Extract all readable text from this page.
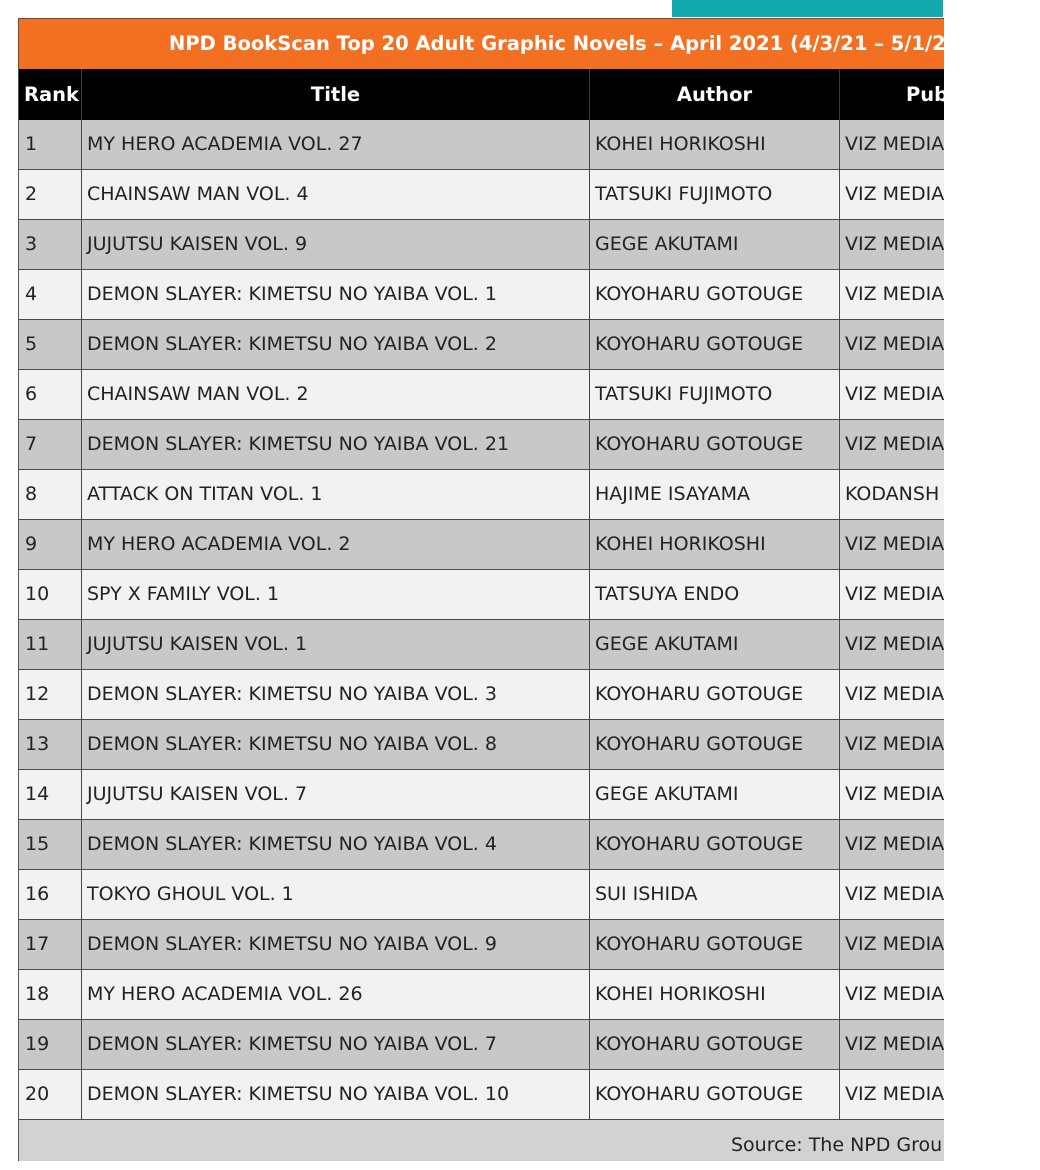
NPD BookScan Top 20 Adult Graphic Novels – April 2021 (4/3/21 – 5/1/21)
Rank	Title	Author	Pub
1	MY HERO ACADEMIA VOL. 27	KOHEI HORIKOSHI	VIZ MEDIA
2	CHAINSAW MAN VOL. 4	TATSUKI FUJIMOTO	VIZ MEDIA
3	JUJUTSU KAISEN VOL. 9	GEGE AKUTAMI	VIZ MEDIA
4	DEMON SLAYER: KIMETSU NO YAIBA VOL. 1	KOYOHARU GOTOUGE	VIZ MEDIA
5	DEMON SLAYER: KIMETSU NO YAIBA VOL. 2	KOYOHARU GOTOUGE	VIZ MEDIA
6	CHAINSAW MAN VOL. 2	TATSUKI FUJIMOTO	VIZ MEDIA
7	DEMON SLAYER: KIMETSU NO YAIBA VOL. 21	KOYOHARU GOTOUGE	VIZ MEDIA
8	ATTACK ON TITAN VOL. 1	HAJIME ISAYAMA	KODANSH
9	MY HERO ACADEMIA VOL. 2	KOHEI HORIKOSHI	VIZ MEDIA
10	SPY X FAMILY VOL. 1	TATSUYA ENDO	VIZ MEDIA
11	JUJUTSU KAISEN VOL. 1	GEGE AKUTAMI	VIZ MEDIA
12	DEMON SLAYER: KIMETSU NO YAIBA VOL. 3	KOYOHARU GOTOUGE	VIZ MEDIA
13	DEMON SLAYER: KIMETSU NO YAIBA VOL. 8	KOYOHARU GOTOUGE	VIZ MEDIA
14	JUJUTSU KAISEN VOL. 7	GEGE AKUTAMI	VIZ MEDIA
15	DEMON SLAYER: KIMETSU NO YAIBA VOL. 4	KOYOHARU GOTOUGE	VIZ MEDIA
16	TOKYO GHOUL VOL. 1	SUI ISHIDA	VIZ MEDIA
17	DEMON SLAYER: KIMETSU NO YAIBA VOL. 9	KOYOHARU GOTOUGE	VIZ MEDIA
18	MY HERO ACADEMIA VOL. 26	KOHEI HORIKOSHI	VIZ MEDIA
19	DEMON SLAYER: KIMETSU NO YAIBA VOL. 7	KOYOHARU GOTOUGE	VIZ MEDIA
20	DEMON SLAYER: KIMETSU NO YAIBA VOL. 10	KOYOHARU GOTOUGE	VIZ MEDIA
Source: The NPD Grou
